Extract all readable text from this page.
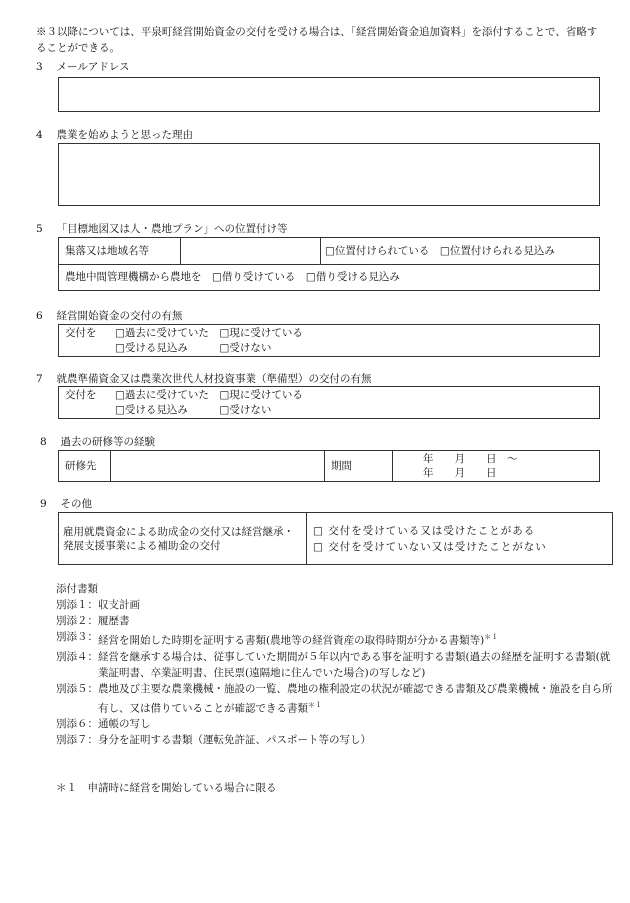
※３以降については、平泉町経営開始資金の交付を受ける場合は、「経営開始資金追加資料」を添付することで、省略することができる。
3　 メールアドレス
4　 農業を始めようと思った理由
5　 「目標地図又は人・農地プラン」への位置付け等
集落又は地域名等		□位置付けられている　□位置付けられる見込み
農地中間管理機構から農地を　□借り受けている　□借り受ける見込み
6　 経営開始資金の交付の有無
交付を □過去に受けていた　□現に受けている
□受ける見込み　　　□受けない
7　 就農準備資金又は農業次世代人材投資事業（準備型）の交付の有無
交付を □過去に受けていた　□現に受けている
□受ける見込み　　　□受けない
8　 過去の研修等の経験
研修先		期間	
年　　月　　日　～
年　　月　　日
9　 その他
雇用就農資金による助成金の交付又は経営継承・発展支援事業による補助金の交付	
□ 交付を受けている又は受けたことがある
□ 交付を受けていない又は受けたことがない
添付書類
別添１： 収支計画
別添２： 履歴書
別添３： 経営を開始した時期を証明する書類(農地等の経営資産の取得時期が分かる書類等)$^{*1}$
別添４： 経営を継承する場合は、従事していた期間が５年以内である事を証明する書類(過去の経歴を証明する書類(就業証明書、卒業証明書、住民票(遠隔地に住んでいた場合)の写しなど)
別添５： 農地及び主要な農業機械・施設の一覧、農地の権利設定の状況が確認できる書類及び農業機械・施設を自ら所有し、又は借りていることが確認できる書類$^{*1}$
別添６： 通帳の写し
別添７： 身分を証明する書類（運転免許証、パスポート等の写し）
＊１　申請時に経営を開始している場合に限る
